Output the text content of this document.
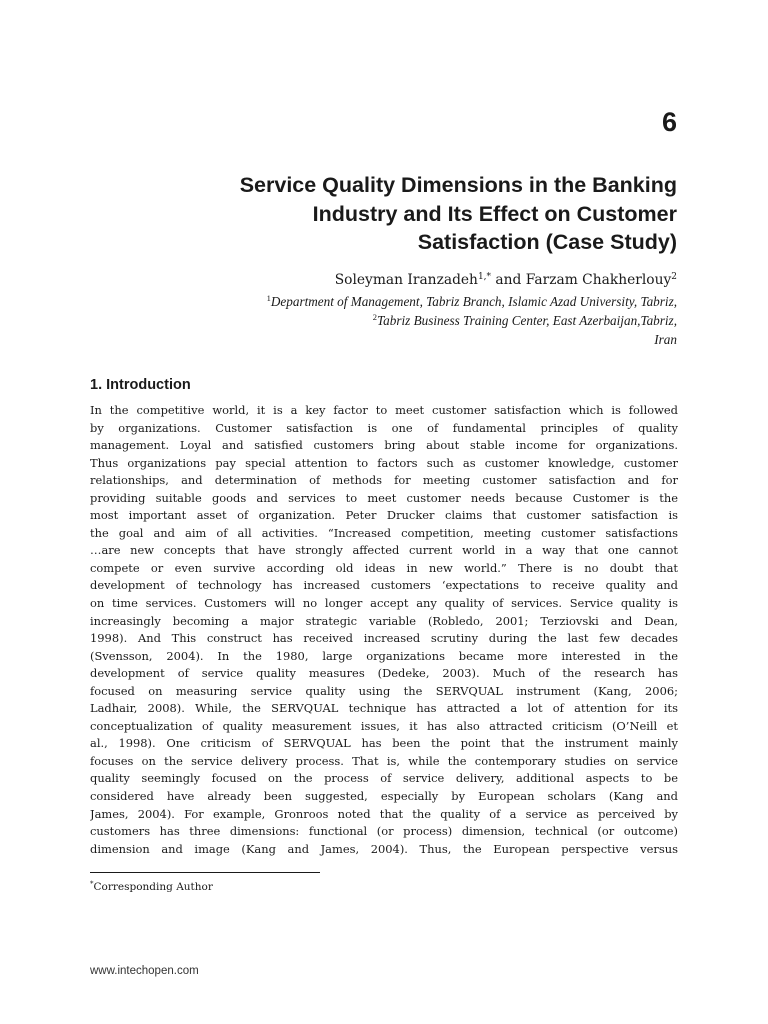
6
Service Quality Dimensions in the Banking
Industry and Its Effect on Customer
Satisfaction (Case Study)
Soleyman Iranzadeh$^{1,*}$ and Farzam Chakherlouy$^2$
$^1$Department of Management, Tabriz Branch, Islamic Azad University, Tabriz,
$^2$Tabriz Business Training Center, East Azerbaijan,Tabriz,
Iran
1. Introduction
In the competitive world, it is a key factor to meet customer satisfaction which is followed
by organizations. Customer satisfaction is one of fundamental principles of quality
management. Loyal and satisfied customers bring about stable income for organizations.
Thus organizations pay special attention to factors such as customer knowledge, customer
relationships, and determination of methods for meeting customer satisfaction and for
providing suitable goods and services to meet customer needs because Customer is the
most important asset of organization. Peter Drucker claims that customer satisfaction is
the goal and aim of all activities. “Increased competition, meeting customer satisfactions
…are new concepts that have strongly affected current world in a way that one cannot
compete or even survive according old ideas in new world.” There is no doubt that
development of technology has increased customers ‘expectations to receive quality and
on time services. Customers will no longer accept any quality of services. Service quality is
increasingly becoming a major strategic variable (Robledo, 2001; Terziovski and Dean,
1998). And This construct has received increased scrutiny during the last few decades
(Svensson, 2004). In the 1980, large organizations became more interested in the
development of service quality measures (Dedeke, 2003). Much of the research has
focused on measuring service quality using the SERVQUAL instrument (Kang, 2006;
Ladhair, 2008). While, the SERVQUAL technique has attracted a lot of attention for its
conceptualization of quality measurement issues, it has also attracted criticism (O’Neill et
al., 1998). One criticism of SERVQUAL has been the point that the instrument mainly
focuses on the service delivery process. That is, while the contemporary studies on service
quality seemingly focused on the process of service delivery, additional aspects to be
considered have already been suggested, especially by European scholars (Kang and
James, 2004). For example, Gronroos noted that the quality of a service as perceived by
customers has three dimensions: functional (or process) dimension, technical (or outcome)
dimension and image (Kang and James, 2004). Thus, the European perspective versus
*Corresponding Author
www.intechopen.com
